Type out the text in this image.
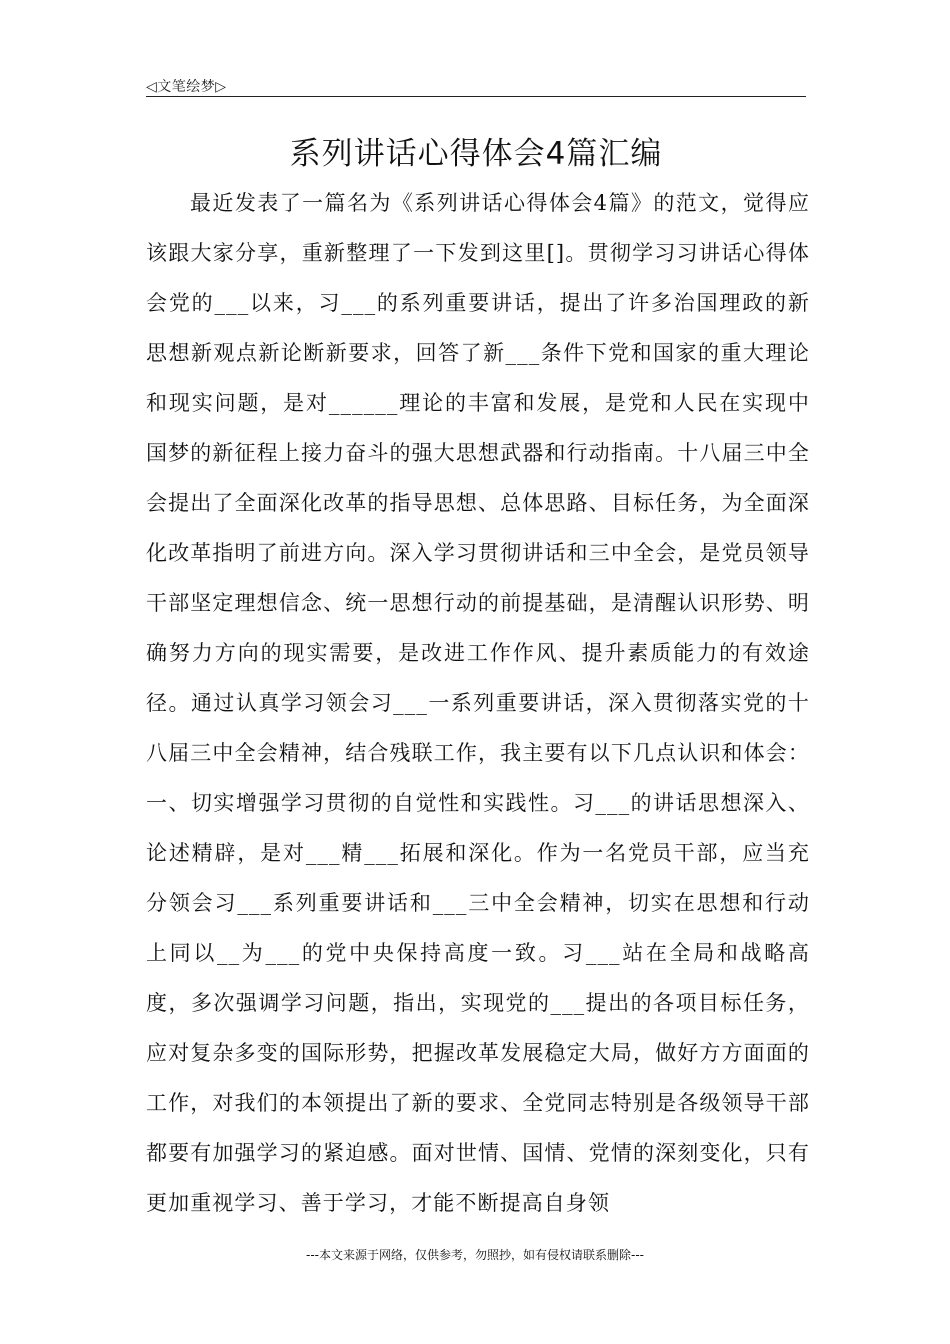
◁文笔绘梦▷
系列讲话心得体会4篇汇编

最近发表了一篇名为《系列讲话心得体会4篇》的范文，觉得应该跟大家分享，重新整理了一下发到这里[]。贯彻学习习讲话心得体会党的___以来，习___的系列重要讲话，提出了许多治国理政的新思想新观点新论断新要求，回答了新___条件下党和国家的重大理论和现实问题，是对______理论的丰富和发展，是党和人民在实现中国梦的新征程上接力奋斗的强大思想武器和行动指南。十八届三中全会提出了全面深化改革的指导思想、总体思路、目标任务，为全面深化改革指明了前进方向。深入学习贯彻讲话和三中全会，是党员领导干部坚定理想信念、统一思想行动的前提基础，是清醒认识形势、明确努力方向的现实需要，是改进工作作风、提升素质能力的有效途径。通过认真学习领会习___一系列重要讲话，深入贯彻落实党的十八届三中全会精神，结合残联工作，我主要有以下几点认识和体会：一、切实增强学习贯彻的自觉性和实践性。习___的讲话思想深入、论述精辟，是对___精___拓展和深化。作为一名党员干部，应当充分领会习___系列重要讲话和___三中全会精神，切实在思想和行动上同以__为___的党中央保持高度一致。习___站在全局和战略高度，多次强调学习问题，指出，实现党的___提出的各项目标任务，应对复杂多变的国际形势，把握改革发展稳定大局，做好方方面面的工作，对我们的本领提出了新的要求、全党同志特别是各级领导干部都要有加强学习的紧迫感。面对世情、国情、党情的深刻变化，只有更加重视学习、善于学习，才能不断提高自身领

---本文来源于网络，仅供参考，勿照抄，如有侵权请联系删除---
